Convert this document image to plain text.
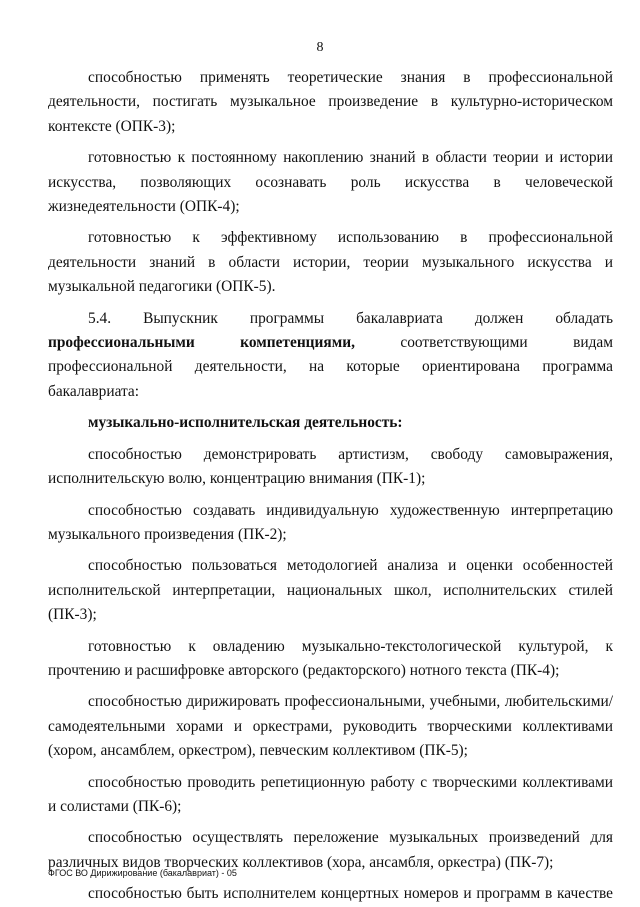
8

способностью применять теоретические знания в профессиональной деятельности, постигать музыкальное произведение в культурно-историческом контексте (ОПК-3);

готовностью к постоянному накоплению знаний в области теории и истории искусства, позволяющих осознавать роль искусства в человеческой жизнедеятельности (ОПК-4);

готовностью к эффективному использованию в профессиональной деятельности знаний в области истории, теории музыкального искусства и музыкальной педагогики (ОПК-5).

5.4. Выпускник программы бакалавриата должен обладать профессиональными компетенциями,	соответствующими видам профессиональной деятельности, на которые ориентирована программа бакалавриата:

музыкально-исполнительская деятельность:

способностью демонстрировать артистизм, свободу самовыражения, исполнительскую волю, концентрацию внимания (ПК-1);

способностью создавать индивидуальную художественную интерпретацию музыкального произведения (ПК-2);

способностью пользоваться методологией анализа и оценки особенностей исполнительской интерпретации, национальных школ, исполнительских стилей (ПК-3);

готовностью к овладению музыкально-текстологической культурой, к прочтению и расшифровке авторского (редакторского) нотного текста (ПК-4);

способностью дирижировать профессиональными, учебными, любительскими/самодеятельными хорами и оркестрами, руководить творческими коллективами (хором, ансамблем, оркестром), певческим коллективом (ПК-5);

способностью проводить репетиционную работу с творческими коллективами и солистами (ПК-6);

способностью осуществлять переложение музыкальных произведений для различных видов творческих коллективов (хора, ансамбля, оркестра) (ПК-7);

способностью быть исполнителем концертных номеров и программ в качестве

ФГОС ВО Дирижирование (бакалавриат) - 05
